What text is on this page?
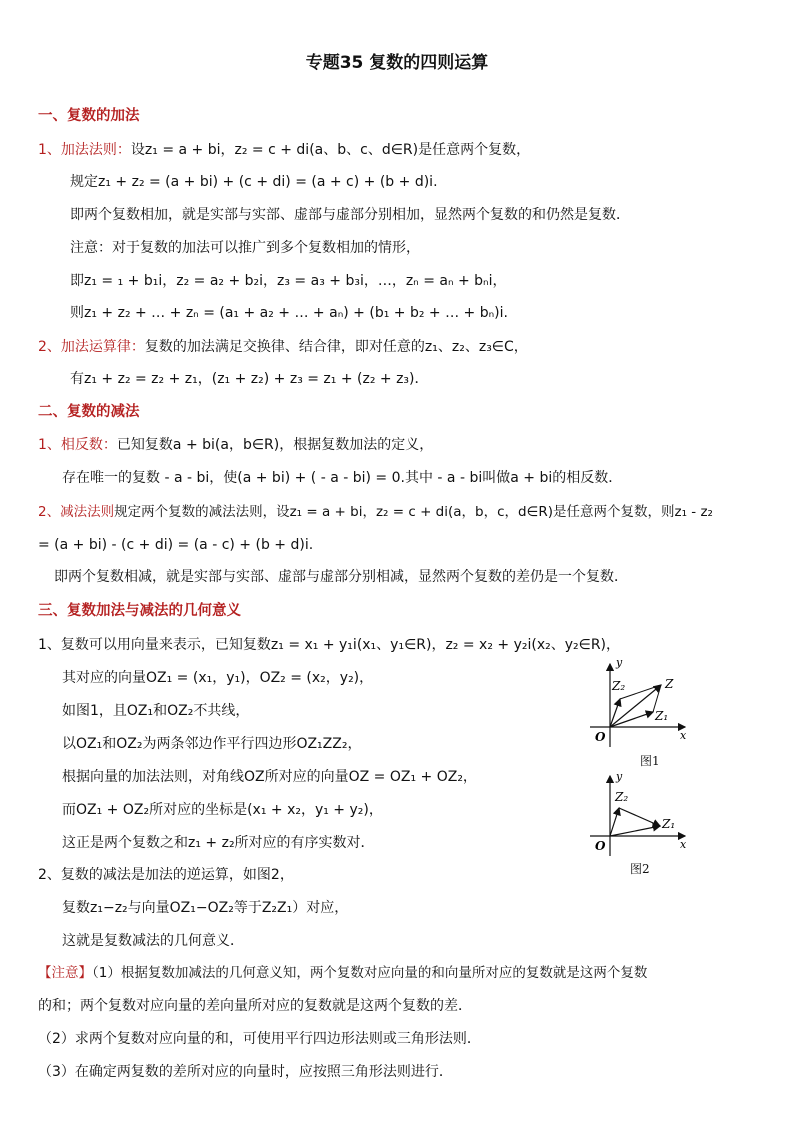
专题35 复数的四则运算
一、复数的加法
1、加法法则：设z₁ = a + bi，z₂ = c + di(a、b、c、d∈R)是任意两个复数，
规定z₁ + z₂ = (a + bi) + (c + di) = (a + c) + (b + d)i.
即两个复数相加，就是实部与实部、虚部与虚部分别相加，显然两个复数的和仍然是复数．
注意：对于复数的加法可以推广到多个复数相加的情形，
即z₁ = ₁ + b₁i，z₂ = a₂ + b₂i，z₃ = a₃ + b₃i，…，zₙ = aₙ + bₙi，
则z₁ + z₂ + … + zₙ = (a₁ + a₂ + … + aₙ) + (b₁ + b₂ + … + bₙ)i.
2、加法运算律：复数的加法满足交换律、结合律，即对任意的z₁、z₂、z₃∈C，
有z₁ + z₂ = z₂ + z₁，(z₁ + z₂) + z₃ = z₁ + (z₂ + z₃)．
二、复数的减法
1、相反数：已知复数a + bi(a，b∈R)，根据复数加法的定义，
存在唯一的复数 - a - bi，使(a + bi) + ( - a - bi) = 0.其中 - a - bi叫做a + bi的相反数．
2、减法法则规定两个复数的减法法则，设z₁ = a + bi，z₂ = c + di(a，b，c，d∈R)是任意两个复数，则z₁ - z₂
= (a + bi) - (c + di) = (a - c) + (b + d)i.
即两个复数相减，就是实部与实部、虚部与虚部分别相减，显然两个复数的差仍是一个复数．
三、复数加法与减法的几何意义
1、复数可以用向量来表示，已知复数z₁ = x₁ + y₁i(x₁、y₁∈R)，z₂ = x₂ + y₂i(x₂、y₂∈R)，
其对应的向量OZ₁ = (x₁，y₁)，OZ₂ = (x₂，y₂)，
如图1，且OZ₁和OZ₂不共线，
以OZ₁和OZ₂为两条邻边作平行四边形OZ₁ZZ₂，
根据向量的加法法则，对角线OZ所对应的向量OZ = OZ₁ + OZ₂，
而OZ₁ + OZ₂所对应的坐标是(x₁ + x₂，y₁ + y₂)，
这正是两个复数之和z₁ + z₂所对应的有序实数对．
2、复数的减法是加法的逆运算，如图2，
复数z₁−z₂与向量OZ₁−OZ₂等于Z₂Z₁）对应，
这就是复数减法的几何意义．
【注意】（1）根据复数加减法的几何意义知，两个复数对应向量的和向量所对应的复数就是这两个复数
的和；两个复数对应向量的差向量所对应的复数就是这两个复数的差．
（2）求两个复数对应向量的和，可使用平行四边形法则或三角形法则．
（3）在确定两复数的差所对应的向量时，应按照三角形法则进行．
y
x
O
Z
Z₁
Z₂
图1
y
x
O
Z₁
Z₂
图2
